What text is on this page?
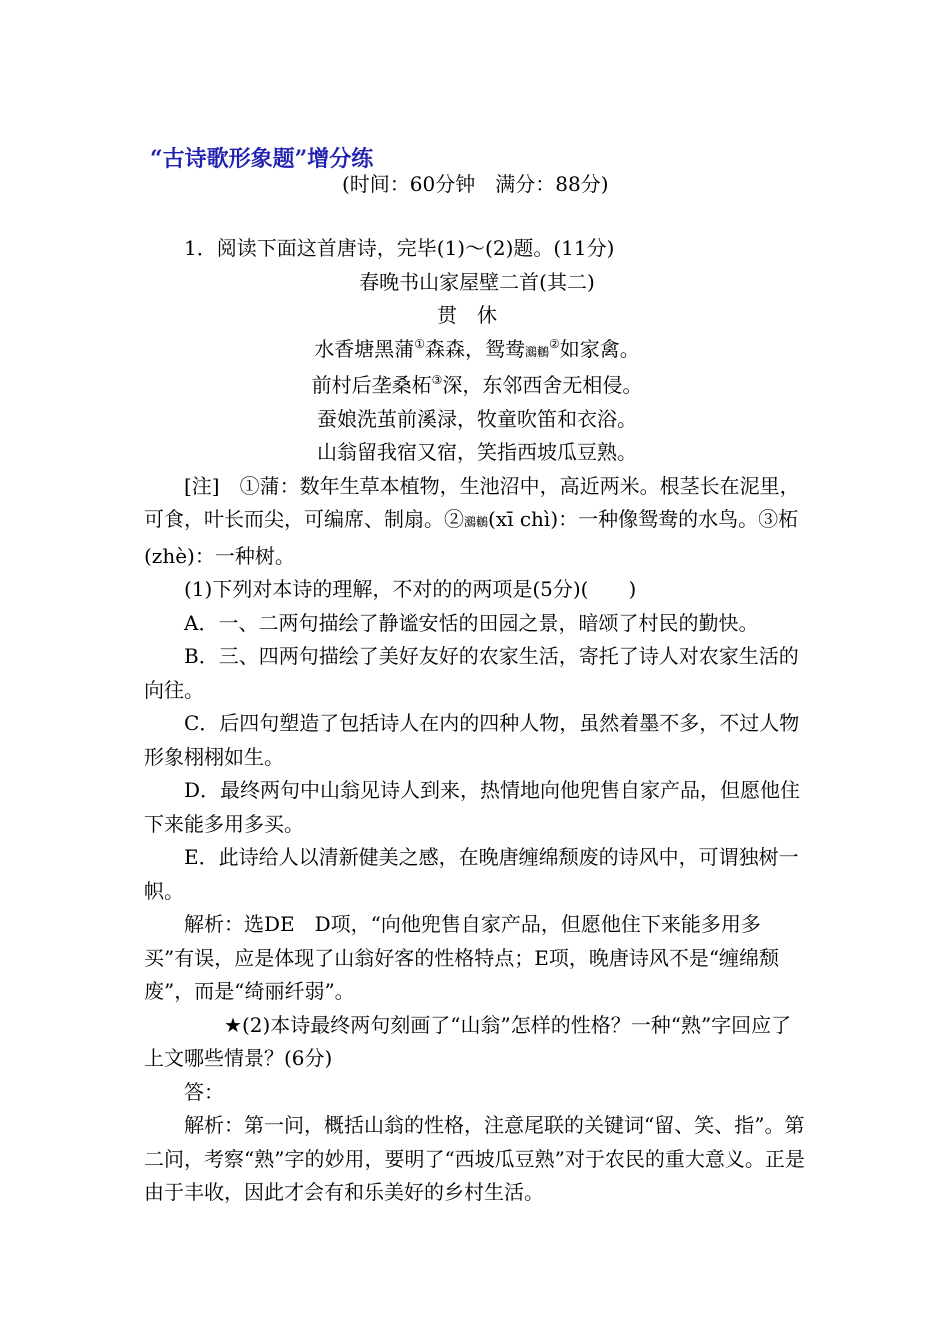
“古诗歌形象题”增分练
(时间：60分钟　满分：88分)

1．阅读下面这首唐诗，完毕(1)～(2)题。(11分)

春晚书山家屋壁二首(其二)

贯休

水香塘黑蒲①森森，鸳鸯鸂鶒②如家禽。

前村后垄桑柘③深，东邻西舍无相侵。

蚕娘洗茧前溪渌，牧童吹笛和衣浴。

山翁留我宿又宿，笑指西坡瓜豆熟。

[注]　①蒲：数年生草本植物，生池沼中，高近两米。根茎长在泥里，可食，叶长而尖，可编席、制扇。②鸂鶒(xī chì)：一种像鸳鸯的水鸟。③柘(zhè)：一种树。

(1)下列对本诗的理解，不对的的两项是(5分)(　　)

A．一、二两句描绘了静谧安恬的田园之景，暗颂了村民的勤快。

B．三、四两句描绘了美好友好的农家生活，寄托了诗人对农家生活的向往。

C．后四句塑造了包括诗人在内的四种人物，虽然着墨不多，不过人物形象栩栩如生。

D．最终两句中山翁见诗人到来，热情地向他兜售自家产品，但愿他住下来能多用多买。

E．此诗给人以清新健美之感，在晚唐缠绵颓废的诗风中，可谓独树一帜。

解析：选DE　D项，“向他兜售自家产品，但愿他住下来能多用多买”有误，应是体现了山翁好客的性格特点；E项，晚唐诗风不是“缠绵颓废”，而是“绮丽纤弱”。

★(2)本诗最终两句刻画了“山翁”怎样的性格？一种“熟”字回应了上文哪些情景？(6分)

答：

解析：第一问，概括山翁的性格，注意尾联的关键词“留、笑、指”。第二问，考察“熟”字的妙用，要明了“西坡瓜豆熟”对于农民的重大意义。正是由于丰收，因此才会有和乐美好的乡村生活。
